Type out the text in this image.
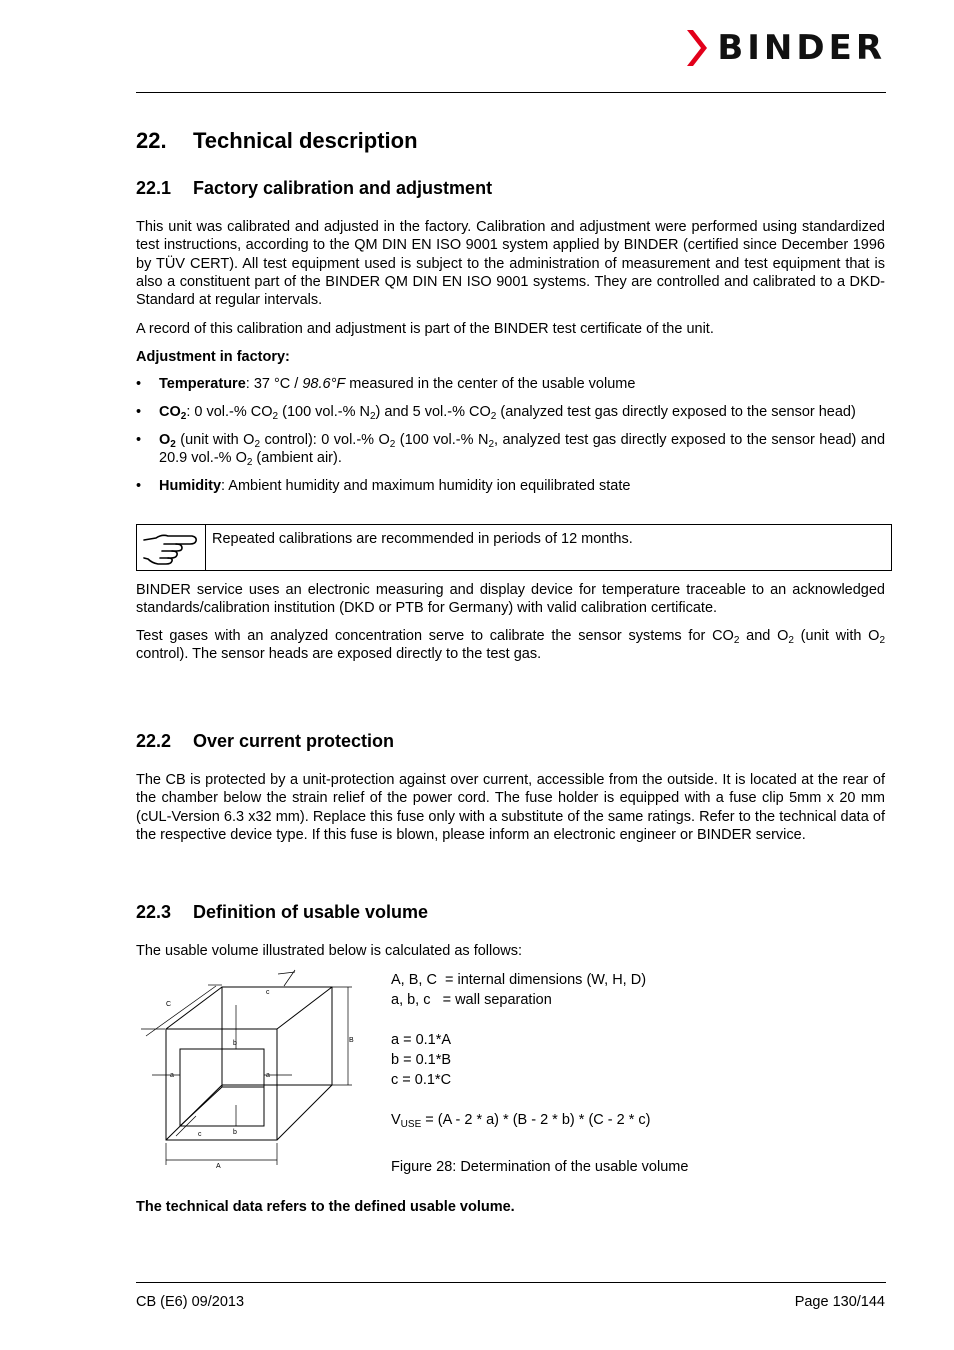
BINDER
22. Technical description
22.1 Factory calibration and adjustment

This unit was calibrated and adjusted in the factory. Calibration and adjustment were performed using standardized test instructions, according to the QM DIN EN ISO 9001 system applied by BINDER (certified since December 1996 by TÜV CERT). All test equipment used is subject to the administration of measurement and test equipment that is also a constituent part of the BINDER QM DIN EN ISO 9001 systems. They are controlled and calibrated to a DKD-Standard at regular intervals.

A record of this calibration and adjustment is part of the BINDER test certificate of the unit.

Adjustment in factory:

• Temperature: 37 °C / 98.6°F measured in the center of the usable volume
• $CO_2$: 0 vol.-% $CO_2$ (100 vol.-% $N_2$) and 5 vol.-% $CO_2$ (analyzed test gas directly exposed to the sensor head)
• $O_2$ (unit with $O_2$ control): 0 vol.-% $O_2$ (100 vol.-% $N_2$, analyzed test gas directly exposed to the sensor head) and 20.9 vol.-% $O_2$ (ambient air).
• Humidity: Ambient humidity and maximum humidity ion equilibrated state
Repeated calibrations are recommended in periods of 12 months.

BINDER service uses an electronic measuring and display device for temperature traceable to an acknowledged standards/calibration institution (DKD or PTB for Germany) with valid calibration certificate.

Test gases with an analyzed concentration serve to calibrate the sensor systems for $CO_2$ and $O_2$ (unit with $O_2$ control). The sensor heads are exposed directly to the test gas.

22.2 Over current protection

The CB is protected by a unit-protection against over current, accessible from the outside. It is located at the rear of the chamber below the strain relief of the power cord. The fuse holder is equipped with a fuse clip 5mm x 20 mm (cUL-Version 6.3 x32 mm). Replace this fuse only with a substitute of the same ratings. Refer to the technical data of the respective device type. If this fuse is blown, please inform an electronic engineer or BINDER service.

22.3 Definition of usable volume

The usable volume illustrated below is calculated as follows:

C
c
b	B
a	a
c	b
A
A, B, C  = internal dimensions (W, H, D)
a, b, c   = wall separation
a = 0.1*A
b = 0.1*B
c = 0.1*C
$V_{USE} = (A - 2 * a) * (B - 2 * b) * (C - 2 * c)$
Figure 28: Determination of the usable volume

The technical data refers to the defined usable volume.

CB (E6) 09/2013	Page 130/144
